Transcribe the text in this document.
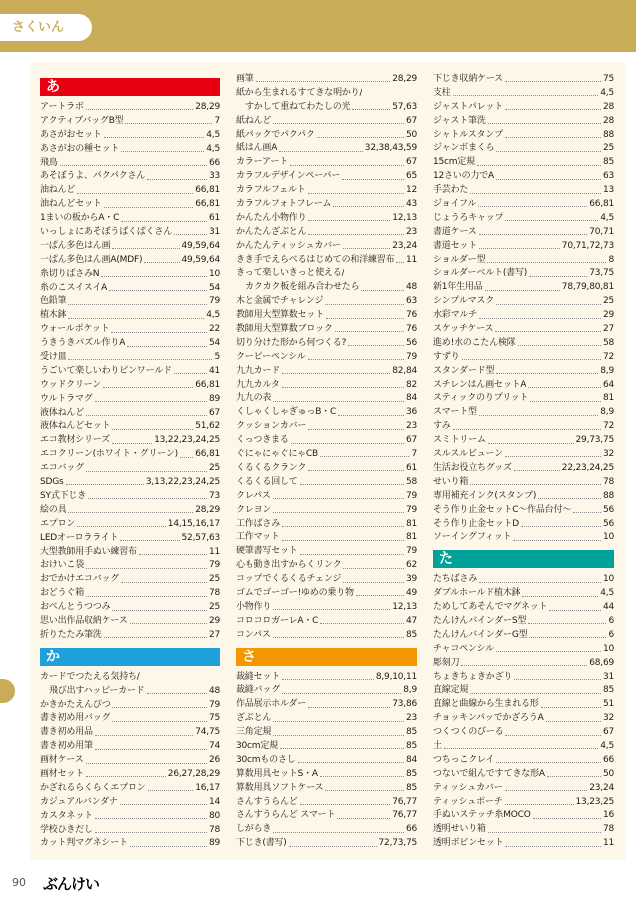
さくいん
あ
アートラボ	28,29
アクティブバッグB型	7
あさがおセット	4,5
あさがおの種セット	4,5
飛鳥	66
あそぼうよ、パクパクさん	33
油ねんど	66,81
油ねんどセット	66,81
1まいの板からA・C	61
いっしょにあそぼうぱくぱくさん	31
一ぱん多色はん画	49,59,64
一ぱん多色はん画A(MDF)	49,59,64
糸切りばさみN	10
糸のこスイスイA	54
色鉛筆	79
植木鉢	4,5
ウォールポケット	22
うきうきパズル作りA	54
受け皿	5
うごいて楽しいわりピンワールド	41
ウッドクリーン	66,81
ウルトラマグ	89
液体ねんど	67
液体ねんどセット	51,62
エコ教材シリーズ	13,22,23,24,25
エコクリーン(ホワイト・グリーン) 66,81
エコバッグ	25
SDGs	3,13,22,23,24,25
SY式下じき	73
絵の具	28,29
エプロン	14,15,16,17
LEDオーロラライト	52,57,63
大型教師用手ぬい練習布	11
おけいこ袋	79
おでかけエコバッグ	25
おどうぐ箱	78
おべんとうつつみ	25
思い出作品収納ケース	29
折りたたみ筆洗	27
か
カードでつたえる気持ち/
飛び出すハッピーカード	48
かきかたえんぴつ	79
書き初め用バッグ	75
書き初め用品	74,75
書き初め用筆	74
画材ケース	26
画材セット	26,27,28,29
かざれるらくらくエプロン	16,17
カジュアルバンダナ	14
カスタネット	80
学校ひきだし	78
カット判マグネシート	89
画筆	28,29
紙から生まれるすてきな明かり/
すかして重ねてわたしの光	57,63
紙ねんど	67
紙パックでパクパク	50
紙はん画A	32,38,43,59
カラーアート	67
カラフルデザインペーパー	65
カラフルフェルト	12
カラフルフォトフレーム	43
かんたん小物作り	12,13
かんたんざぶとん	23
かんたんティッシュカバー	23,24
きき手でえらべるはじめての和洋練習布 11
きって楽しいきっと使える/
カクカク板を組み合わせたら	48
木と金属でチャレンジ	63
教師用大型算数セット	76
教師用大型算数ブロック	76
切り分けた形から何つくる?	56
クーピーペンシル	79
九九カード	82,84
九九カルタ	82
九九の表	84
くしゃくしゃぎゅっB・C	36
クッションカバー	23
くっつきまる	67
ぐにゃにゃぐにゃCB	7
くるくるクランク	61
くるくる回して	58
クレパス	79
クレヨン	79
工作ばさみ	81
工作マット	81
硬筆書写セット	79
心も動き出すからくリンク	62
コップでくるくるチェンジ	39
ゴムでゴーゴー!ゆめの乗り物	49
小物作り	12,13
コロコロガーレA・C	47
コンパス	85
さ
裁縫セット	8,9,10,11
裁縫バッグ	8,9
作品展示ホルダー	73,86
ざぶとん	23
三角定規	85
30cm定規	85
30cmものさし	84
算数用具セットS・A	85
算数用具ソフトケース	85
さんすうらんど	76,77
さんすうらんど スマート	76,77
しがらき	66
下じき(書写)	72,73,75
下じき収納ケース	75
支柱	4,5
ジャストパレット	28
ジャスト筆洗	28
シャトルスタンプ	88
ジャンボまくら	25
15cm定規	85
12さいの力でA	63
手芸わた	13
ジョイフル	66,81
じょうろキャップ	4,5
書道ケース	70,71
書道セット	70,71,72,73
ショルダー型	8
ショルダーベルト(書写)	73,75
新1年生用品	78,79,80,81
シンプルマスク	25
水彩マルチ	29
スケッチケース	27
進め!水のこたん検隊	58
すずり	72
スタンダード型	8,9
スチレンはん画セットA	64
スティックのりプリット	81
スマート型	8,9
すみ	72
スミトリーム	29,73,75
スルスルビューン	32
生活お役立ちグッズ	22,23,24,25
せいり箱	78
専用補充インク(スタンプ)	88
そう作り止金セットC～作品台付～	56
そう作り止金セットD	56
ソーイングフィット	10
た
たちばさみ	10
ダブルホールド植木鉢	4,5
ためしてあそんでマグネット	44
たんけんバインダーS型	6
たんけんバインダーG型	6
チャコペンシル	10
彫刻刀	68,69
ちょきちょきかざり	31
直線定規	85
直線と曲線から生まれる形	51
チョッキンパッでかざろうA	32
つくつくのびーる	67
土	4,5
つちっこクレイ	66
つないで組んですてきな形A	50
ティッシュカバー	23,24
ティッシュポーチ	13,23,25
手ぬいステッチ糸MOCO	16
透明せいり箱	78
透明ボビンセット	11
90 ぶんけい
